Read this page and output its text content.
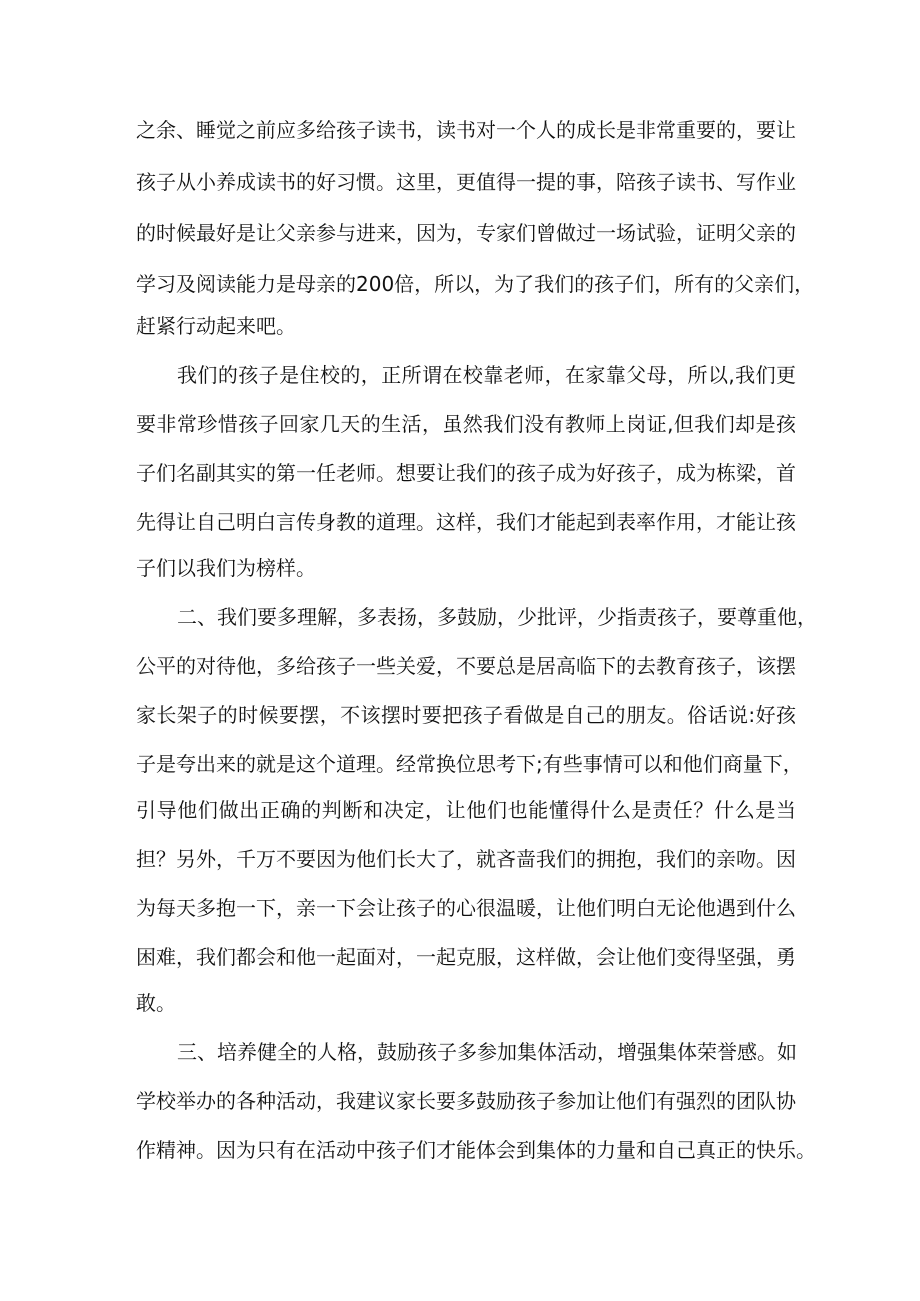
之余、睡觉之前应多给孩子读书，读书对一个人的成长是非常重要的，要让
孩子从小养成读书的好习惯。这里，更值得一提的事，陪孩子读书、写作业
的时候最好是让父亲参与进来，因为，专家们曾做过一场试验，证明父亲的
学习及阅读能力是母亲的200倍，所以，为了我们的孩子们，所有的父亲们，
赶紧行动起来吧。
我们的孩子是住校的，正所谓在校靠老师，在家靠父母，所以,我们更
要非常珍惜孩子回家几天的生活，虽然我们没有教师上岗证,但我们却是孩
子们名副其实的第一任老师。想要让我们的孩子成为好孩子，成为栋梁，首
先得让自己明白言传身教的道理。这样，我们才能起到表率作用，才能让孩
子们以我们为榜样。
二、我们要多理解，多表扬，多鼓励，少批评，少指责孩子，要尊重他，
公平的对待他，多给孩子一些关爱，不要总是居高临下的去教育孩子，该摆
家长架子的时候要摆，不该摆时要把孩子看做是自己的朋友。俗话说:好孩
子是夸出来的就是这个道理。经常换位思考下;有些事情可以和他们商量下，
引导他们做出正确的判断和决定，让他们也能懂得什么是责任？什么是当
担？另外，千万不要因为他们长大了，就吝啬我们的拥抱，我们的亲吻。因
为每天多抱一下，亲一下会让孩子的心很温暖，让他们明白无论他遇到什么
困难，我们都会和他一起面对，一起克服，这样做，会让他们变得坚强，勇
敢。
三、培养健全的人格，鼓励孩子多参加集体活动，增强集体荣誉感。如
学校举办的各种活动，我建议家长要多鼓励孩子参加让他们有强烈的团队协
作精神。因为只有在活动中孩子们才能体会到集体的力量和自己真正的快乐。
